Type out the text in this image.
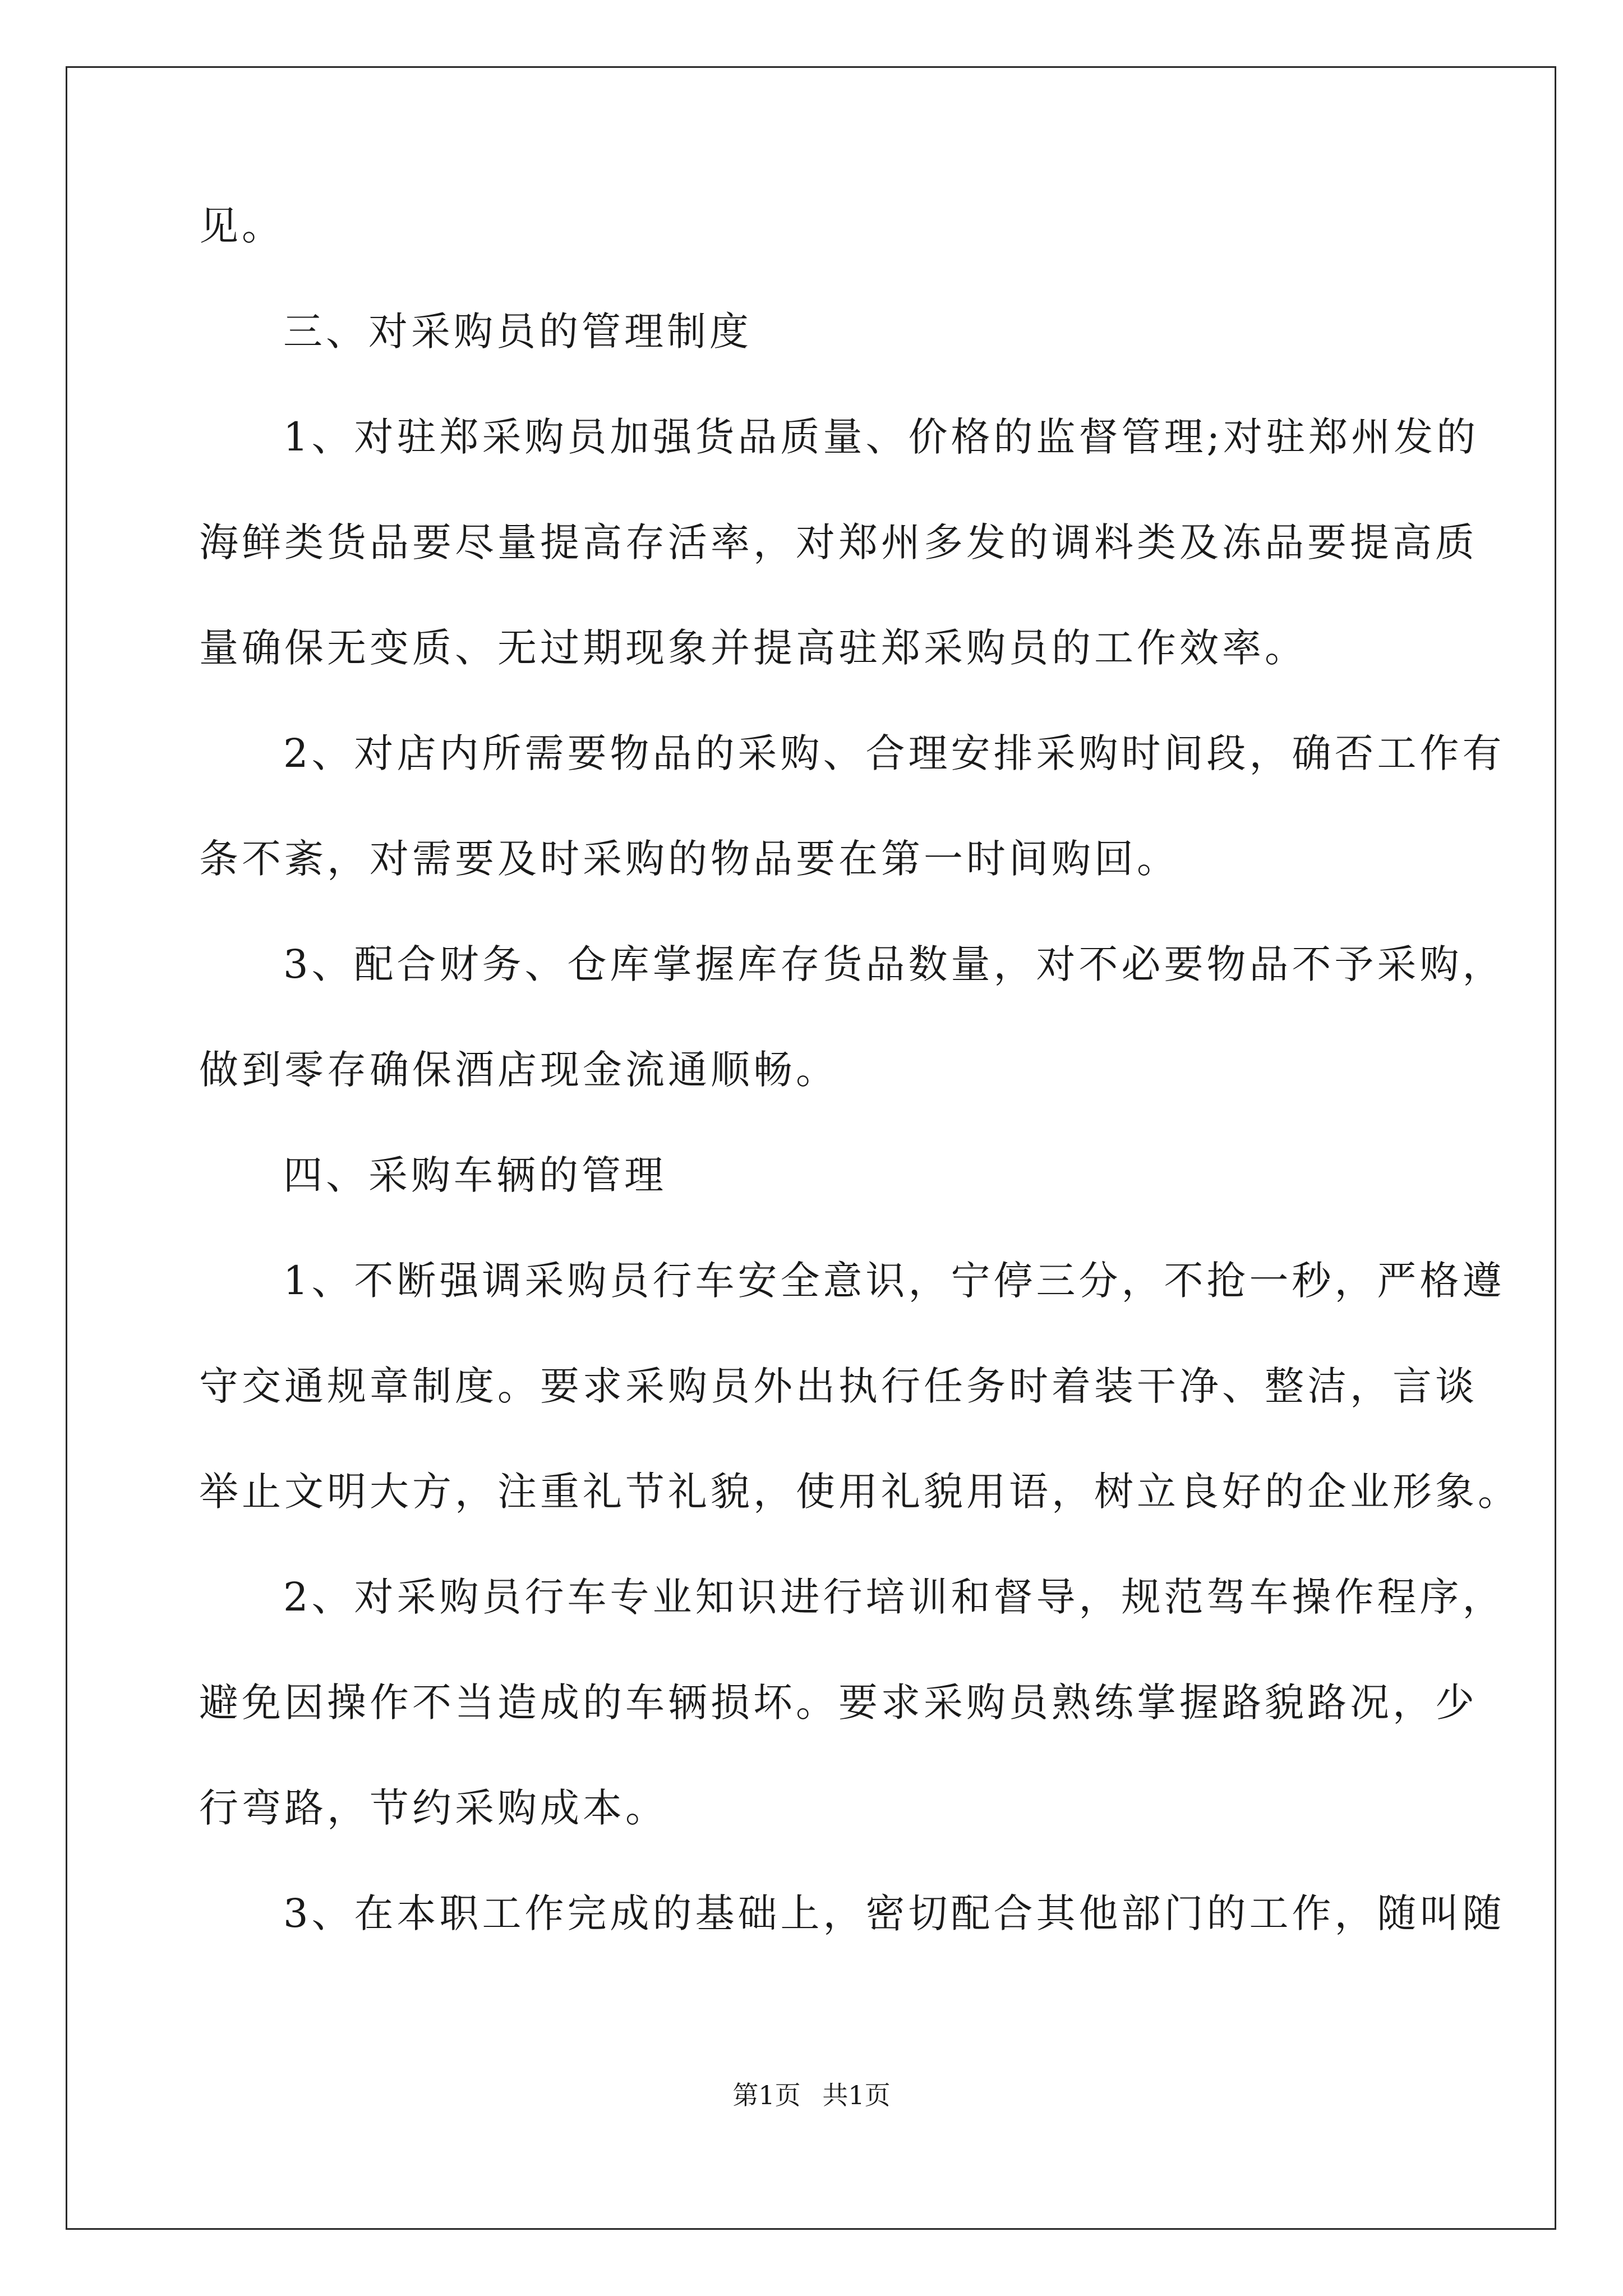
见。
三、对采购员的管理制度
1、对驻郑采购员加强货品质量、价格的监督管理;对驻郑州发的
海鲜类货品要尽量提高存活率，对郑州多发的调料类及冻品要提高质
量确保无变质、无过期现象并提高驻郑采购员的工作效率。
2、对店内所需要物品的采购、合理安排采购时间段，确否工作有
条不紊，对需要及时采购的物品要在第一时间购回。
3、配合财务、仓库掌握库存货品数量，对不必要物品不予采购，
做到零存确保酒店现金流通顺畅。
四、采购车辆的管理
1、不断强调采购员行车安全意识，宁停三分，不抢一秒，严格遵
守交通规章制度。要求采购员外出执行任务时着装干净、整洁，言谈
举止文明大方，注重礼节礼貌，使用礼貌用语，树立良好的企业形象。
2、对采购员行车专业知识进行培训和督导，规范驾车操作程序，
避免因操作不当造成的车辆损坏。要求采购员熟练掌握路貌路况，少
行弯路，节约采购成本。
3、在本职工作完成的基础上，密切配合其他部门的工作，随叫随
第1页 共1页
